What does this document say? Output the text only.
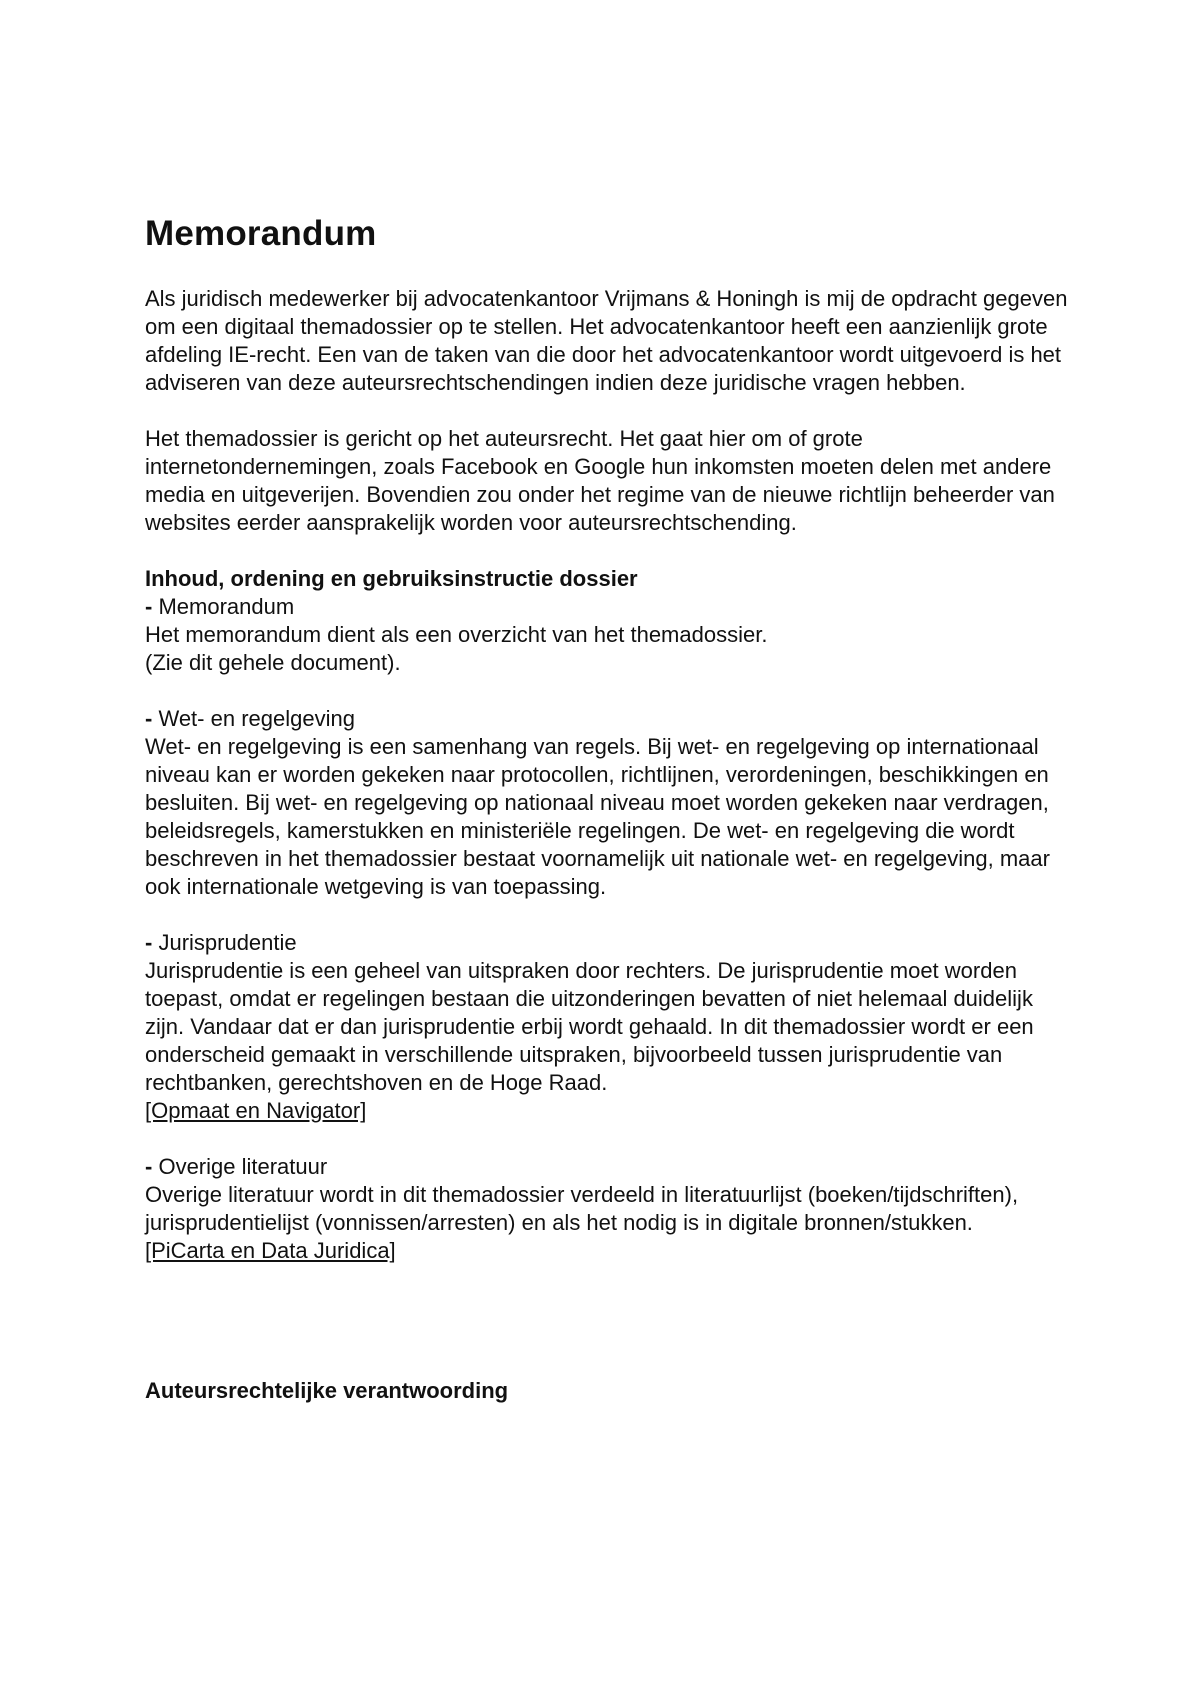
Memorandum

Als juridisch medewerker bij advocatenkantoor Vrijmans & Honingh is mij de opdracht gegeven om een digitaal themadossier op te stellen. Het advocatenkantoor heeft een aanzienlijk grote afdeling IE-recht. Een van de taken van die door het advocatenkantoor wordt uitgevoerd is het adviseren van deze auteursrechtschendingen indien deze juridische vragen hebben.

Het themadossier is gericht op het auteursrecht. Het gaat hier om of grote internetondernemingen, zoals Facebook en Google hun inkomsten moeten delen met andere media en uitgeverijen. Bovendien zou onder het regime van de nieuwe richtlijn beheerder van websites eerder aansprakelijk worden voor auteursrechtschending.

Inhoud, ordening en gebruiksinstructie dossier

- Memorandum

Het memorandum dient als een overzicht van het themadossier.

(Zie dit gehele document).

- Wet- en regelgeving

Wet- en regelgeving is een samenhang van regels. Bij wet- en regelgeving op internationaal niveau kan er worden gekeken naar protocollen, richtlijnen, verordeningen, beschikkingen en besluiten. Bij wet- en regelgeving op nationaal niveau moet worden gekeken naar verdragen, beleidsregels, kamerstukken en ministeriële regelingen. De wet- en regelgeving die wordt beschreven in het themadossier bestaat voornamelijk uit nationale wet- en regelgeving, maar ook internationale wetgeving is van toepassing.

- Jurisprudentie

Jurisprudentie is een geheel van uitspraken door rechters. De jurisprudentie moet worden toepast, omdat er regelingen bestaan die uitzonderingen bevatten of niet helemaal duidelijk zijn. Vandaar dat er dan jurisprudentie erbij wordt gehaald. In dit themadossier wordt er een onderscheid gemaakt in verschillende uitspraken, bijvoorbeeld tussen jurisprudentie van rechtbanken, gerechtshoven en de Hoge Raad.

[Opmaat en Navigator]

- Overige literatuur

Overige literatuur wordt in dit themadossier verdeeld in literatuurlijst (boeken/tijdschriften), jurisprudentielijst (vonnissen/arresten) en als het nodig is in digitale bronnen/stukken.

[PiCarta en Data Juridica]

Auteursrechtelijke verantwoording
